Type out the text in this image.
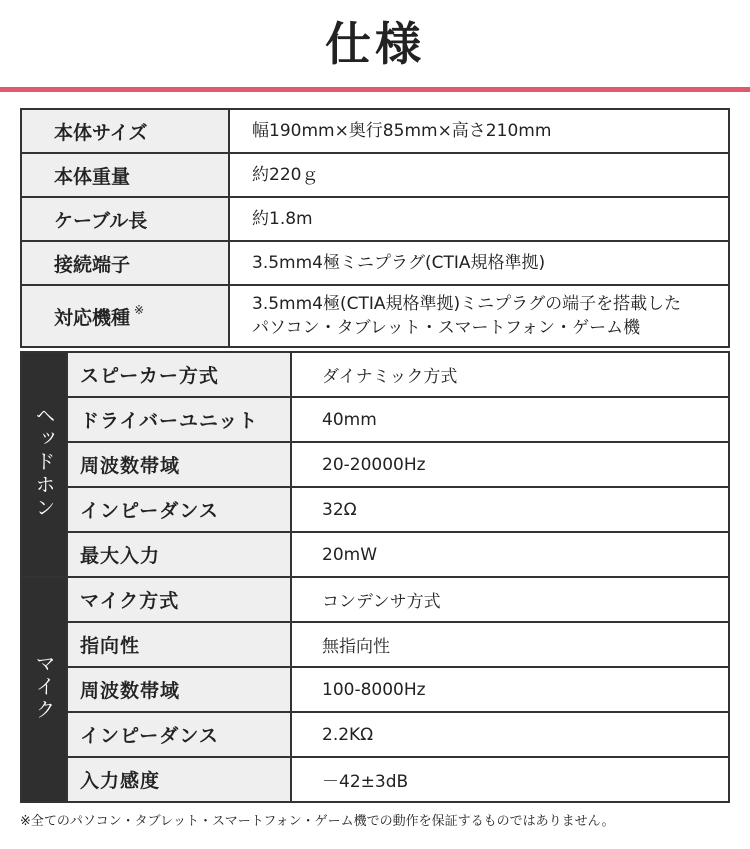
仕様
本体サイズ	幅190mm×奥行85mm×高さ210mm
本体重量	約220ｇ
ケーブル長	約1.8m
接続端子	3.5mm4極ミニプラグ(CTIA規格準拠)
対応機種 ※	3.5mm4極(CTIA規格準拠)ミニプラグの端子を搭載した
パソコン・タブレット・スマートフォン・ゲーム機
ヘッドホン	スピーカー方式	ダイナミック方式
	ドライバーユニット	40mm
	周波数帯域	20-20000Hz
	インピーダンス	32Ω
	最大入力	20mW
マイク	マイク方式	コンデンサ方式
	指向性	無指向性
	周波数帯域	100-8000Hz
	インピーダンス	2.2KΩ
	入力感度	－42±3dB
※全てのパソコン・タブレット・スマートフォン・ゲーム機での動作を保証するものではありません。
